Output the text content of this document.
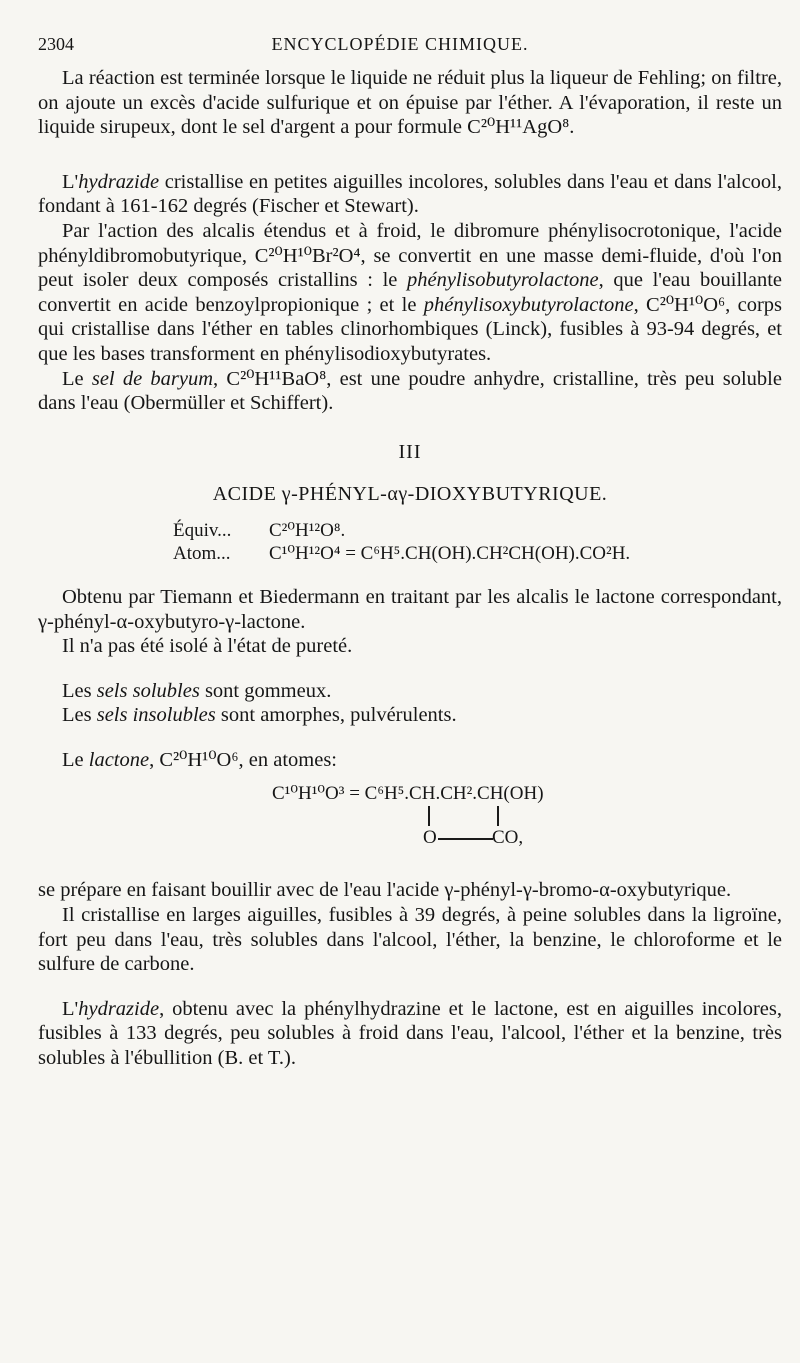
2304	ENCYCLOPÉDIE CHIMIQUE.

La réaction est terminée lorsque le liquide ne réduit plus la liqueur de Fehling; on filtre, on ajoute un excès d'acide sulfurique et on épuise par l'éther. A l'évaporation, il reste un liquide sirupeux, dont le sel d'argent a pour formule C²⁰H¹¹AgO⁸.

L'hydrazide cristallise en petites aiguilles incolores, solubles dans l'eau et dans l'alcool, fondant à 161-162 degrés (Fischer et Stewart).

Par l'action des alcalis étendus et à froid, le dibromure phénylisocrotonique, l'acide phényldibromobutyrique, C²⁰H¹⁰Br²O⁴, se convertit en une masse demi-fluide, d'où l'on peut isoler deux composés cristallins : le phénylisobutyrolactone, que l'eau bouillante convertit en acide benzoylpropionique ; et le phénylisoxybutyrolactone, C²⁰H¹⁰O⁶, corps qui cristallise dans l'éther en tables clinorhombiques (Linck), fusibles à 93-94 degrés, et que les bases transforment en phénylisodioxybutyrates.

Le sel de baryum, C²⁰H¹¹BaO⁸, est une poudre anhydre, cristalline, très peu soluble dans l'eau (Obermüller et Schiffert).

III
ACIDE γ-PHÉNYL-αγ-DIOXYBUTYRIQUE.
Équiv... C²⁰H¹²O⁸.
Atom... C¹⁰H¹²O⁴ = C⁶H⁵.CH(OH).CH²CH(OH).CO²H.

Obtenu par Tiemann et Biedermann en traitant par les alcalis le lactone correspondant, γ-phényl-α-oxybutyro-γ-lactone.

Il n'a pas été isolé à l'état de pureté.

Les sels solubles sont gommeux.

Les sels insolubles sont amorphes, pulvérulents.

Le lactone, C²⁰H¹⁰O⁶, en atomes:

C¹⁰H¹⁰O³ = C⁶H⁵.CH.CH².CH(OH)
O	CO,

se prépare en faisant bouillir avec de l'eau l'acide γ-phényl-γ-bromo-α-oxybutyrique.

Il cristallise en larges aiguilles, fusibles à 39 degrés, à peine solubles dans la ligroïne, fort peu dans l'eau, très solubles dans l'alcool, l'éther, la benzine, le chloroforme et le sulfure de carbone.

L'hydrazide, obtenu avec la phénylhydrazine et le lactone, est en aiguilles incolores, fusibles à 133 degrés, peu solubles à froid dans l'eau, l'alcool, l'éther et la benzine, très solubles à l'ébullition (B. et T.).
